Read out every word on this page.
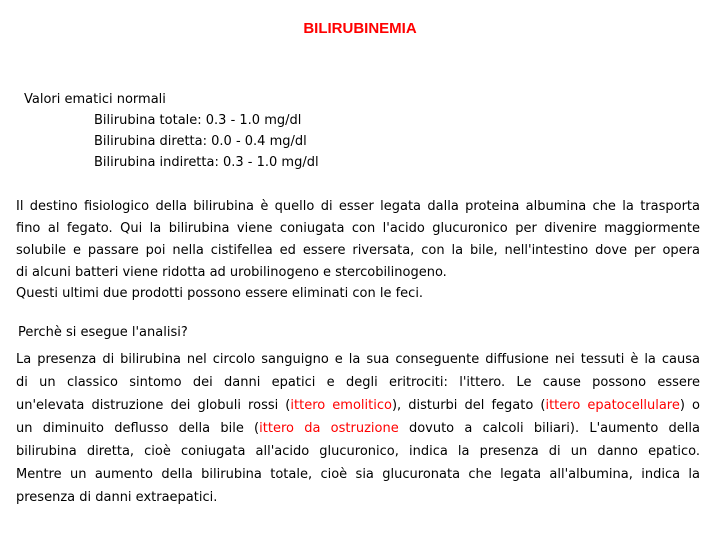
BILIRUBINEMIA
Valori ematici normali
Bilirubina totale: 0.3 - 1.0 mg/dl
Bilirubina diretta: 0.0 - 0.4 mg/dl
Bilirubina indiretta: 0.3 - 1.0 mg/dl
Il destino fisiologico della bilirubina è quello di esser legata dalla proteina albumina che la trasporta
fino al fegato. Qui la bilirubina viene coniugata con l'acido glucuronico per divenire maggiormente
solubile e passare poi nella cistifellea ed essere riversata, con la bile, nell'intestino dove per opera
di alcuni batteri viene ridotta ad urobilinogeno e stercobilinogeno.
Questi ultimi due prodotti possono essere eliminati con le feci.
Perchè si esegue l'analisi?
La presenza di bilirubina nel circolo sanguigno e la sua conseguente diffusione nei tessuti è la causa
di un classico sintomo dei danni epatici e degli eritrociti: l'ittero. Le cause possono essere
un'elevata distruzione dei globuli rossi (ittero emolitico), disturbi del fegato (ittero epatocellulare) o
un diminuito deflusso della bile (ittero da ostruzione dovuto a calcoli biliari). L'aumento della
bilirubina diretta, cioè coniugata all'acido glucuronico, indica la presenza di un danno epatico.
Mentre un aumento della bilirubina totale, cioè sia glucuronata che legata all'albumina, indica la
presenza di danni extraepatici.
